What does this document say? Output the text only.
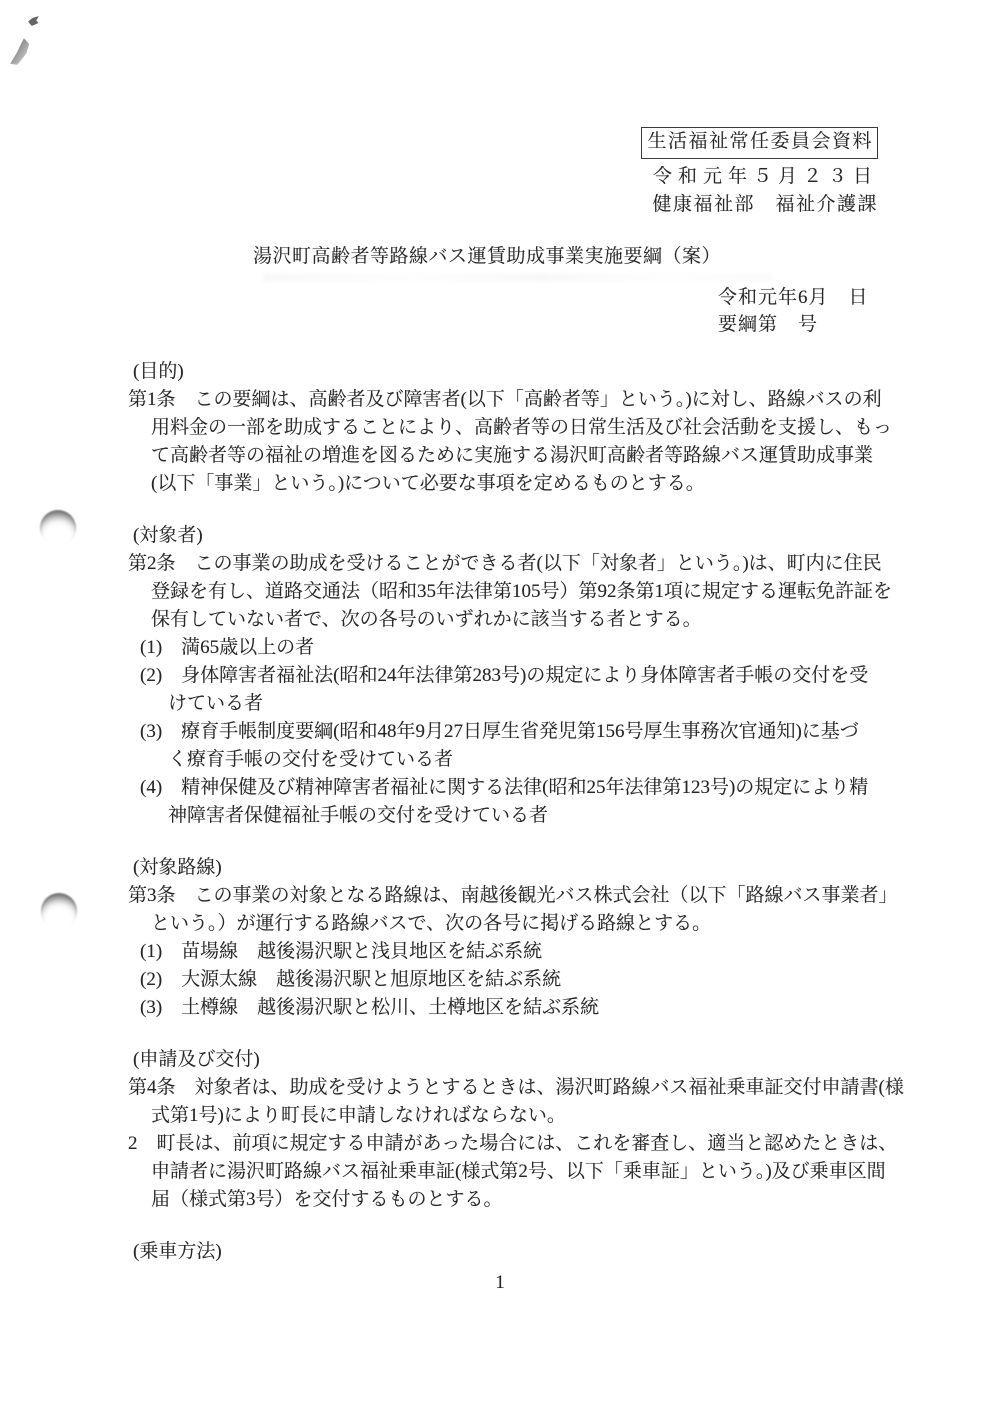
生活福祉常任委員会資料
令和元年５月２３日
健康福祉部　福祉介護課
湯沢町高齢者等路線バス運賃助成事業実施要綱（案）
令和元年6月　日
要綱第　号
(目的)
第1条　この要綱は、高齢者及び障害者(以下「高齢者等」という。)に対し、路線バスの利
用料金の一部を助成することにより、高齢者等の日常生活及び社会活動を支援し、もっ
て高齢者等の福祉の増進を図るために実施する湯沢町高齢者等路線バス運賃助成事業
(以下「事業」という。)について必要な事項を定めるものとする。
(対象者)
第2条　この事業の助成を受けることができる者(以下「対象者」という。)は、町内に住民
登録を有し、道路交通法（昭和35年法律第105号）第92条第1項に規定する運転免許証を
保有していない者で、次の各号のいずれかに該当する者とする。
(1)　満65歳以上の者
(2)　身体障害者福祉法(昭和24年法律第283号)の規定により身体障害者手帳の交付を受
けている者
(3)　療育手帳制度要綱(昭和48年9月27日厚生省発児第156号厚生事務次官通知)に基づ
く療育手帳の交付を受けている者
(4)　精神保健及び精神障害者福祉に関する法律(昭和25年法律第123号)の規定により精
神障害者保健福祉手帳の交付を受けている者
(対象路線)
第3条　この事業の対象となる路線は、南越後観光バス株式会社（以下「路線バス事業者」
という。）が運行する路線バスで、次の各号に掲げる路線とする。
(1)　苗場線　越後湯沢駅と浅貝地区を結ぶ系統
(2)　大源太線　越後湯沢駅と旭原地区を結ぶ系統
(3)　土樽線　越後湯沢駅と松川、土樽地区を結ぶ系統
(申請及び交付)
第4条　対象者は、助成を受けようとするときは、湯沢町路線バス福祉乗車証交付申請書(様
式第1号)により町長に申請しなければならない。
2　町長は、前項に規定する申請があった場合には、これを審査し、適当と認めたときは、
申請者に湯沢町路線バス福祉乗車証(様式第2号、以下「乗車証」という。)及び乗車区間
届（様式第3号）を交付するものとする。
(乗車方法)
1
